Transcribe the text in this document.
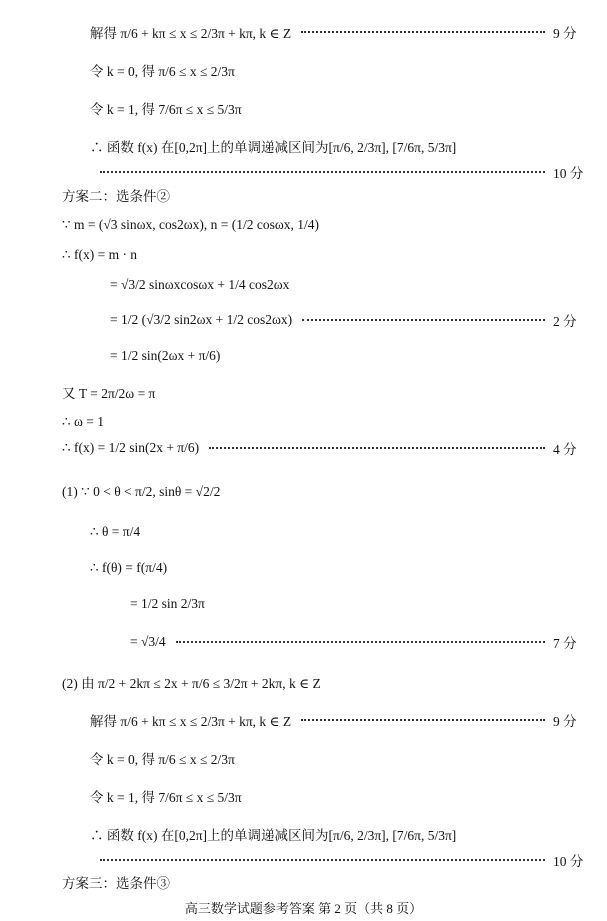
解得 π/6 + kπ ≤ x ≤ 2/3π + kπ, k ∈ Z	9 分
令 k = 0, 得 π/6 ≤ x ≤ 2/3π
令 k = 1, 得 7/6π ≤ x ≤ 5/3π
∴ 函数 f(x) 在[0,2π]上的单调递减区间为[π/6, 2/3π], [7/6π, 5/3π]
10 分
方案二：选条件②
∵ m = (√3 sinωx, cos2ωx), n = (1/2 cosωx, 1/4)
∴ f(x) = m · n
= √3/2 sinωxcosωx + 1/4 cos2ωx
= 1/2 (√3/2 sin2ωx + 1/2 cos2ωx)	2 分
= 1/2 sin(2ωx + π/6)
又 T = 2π/2ω = π
∴ ω = 1
∴ f(x) = 1/2 sin(2x + π/6)	4 分
(1) ∵ 0 < θ < π/2, sinθ = √2/2
∴ θ = π/4
∴ f(θ) = f(π/4)
= 1/2 sin 2/3π
= √3/4	7 分
(2) 由 π/2 + 2kπ ≤ 2x + π/6 ≤ 3/2π + 2kπ, k ∈ Z
解得 π/6 + kπ ≤ x ≤ 2/3π + kπ, k ∈ Z	9 分
令 k = 0, 得 π/6 ≤ x ≤ 2/3π
令 k = 1, 得 7/6π ≤ x ≤ 5/3π
∴ 函数 f(x) 在[0,2π]上的单调递减区间为[π/6, 2/3π], [7/6π, 5/3π]
10 分
方案三：选条件③
高三数学试题参考答案 第 2 页（共 8 页）
